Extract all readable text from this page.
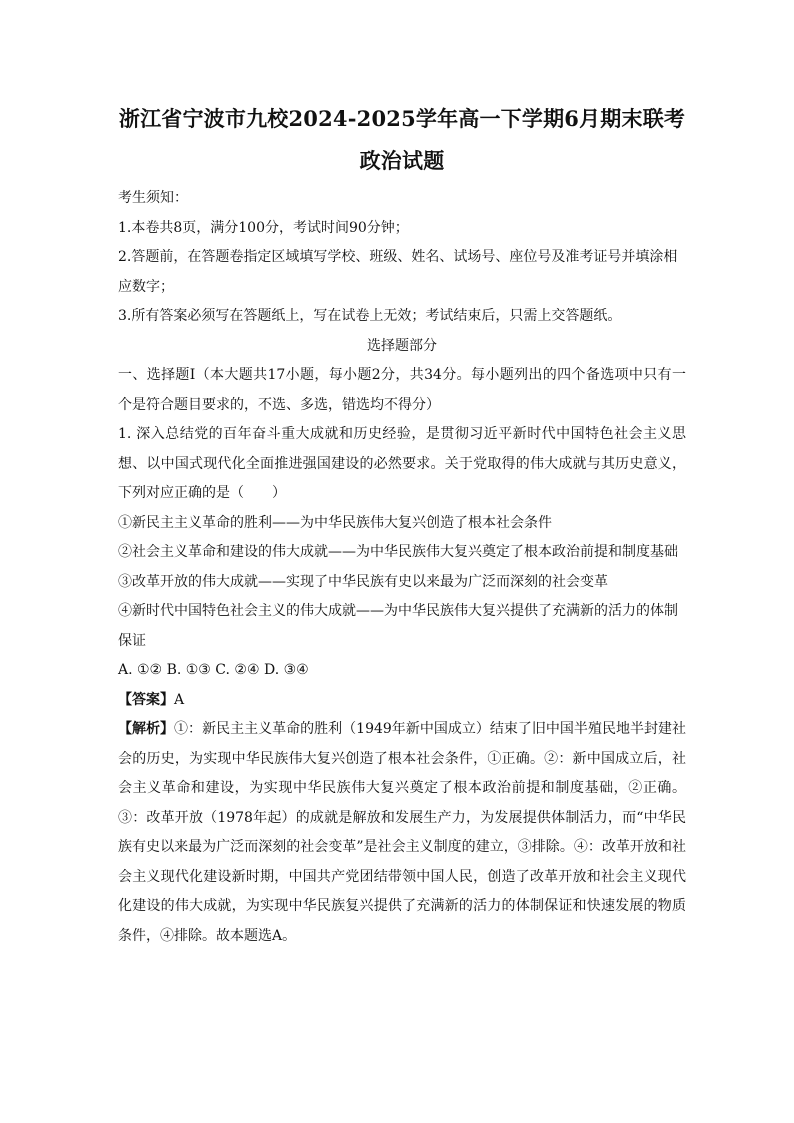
浙江省宁波市九校2024-2025学年高一下学期6月期末联考
政治试题

考生须知：

1.本卷共8页，满分100分，考试时间90分钟；

2.答题前，在答题卷指定区域填写学校、班级、姓名、试场号、座位号及准考证号并填涂相应数字；

3.所有答案必须写在答题纸上，写在试卷上无效；考试结束后，只需上交答题纸。

选择题部分

一、选择题Ⅰ（本大题共17小题，每小题2分，共34分。每小题列出的四个备选项中只有一个是符合题目要求的，不选、多选，错选均不得分）

1. 深入总结党的百年奋斗重大成就和历史经验，是贯彻习近平新时代中国特色社会主义思想、以中国式现代化全面推进强国建设的必然要求。关于党取得的伟大成就与其历史意义，下列对应正确的是（　　）

①新民主主义革命的胜利——为中华民族伟大复兴创造了根本社会条件

②社会主义革命和建设的伟大成就——为中华民族伟大复兴奠定了根本政治前提和制度基础

③改革开放的伟大成就——实现了中华民族有史以来最为广泛而深刻的社会变革

④新时代中国特色社会主义的伟大成就——为中华民族伟大复兴提供了充满新的活力的体制保证

A. ①② B. ①③ C. ②④ D. ③④

【答案】A

【解析】①：新民主主义革命的胜利（1949年新中国成立）结束了旧中国半殖民地半封建社会的历史，为实现中华民族伟大复兴创造了根本社会条件，①正确。②：新中国成立后，社会主义革命和建设，为实现中华民族伟大复兴奠定了根本政治前提和制度基础，②正确。③：改革开放（1978年起）的成就是解放和发展生产力，为发展提供体制活力，而“中华民族有史以来最为广泛而深刻的社会变革”是社会主义制度的建立，③排除。④：改革开放和社会主义现代化建设新时期，中国共产党团结带领中国人民，创造了改革开放和社会主义现代化建设的伟大成就，为实现中华民族复兴提供了充满新的活力的体制保证和快速发展的物质条件，④排除。故本题选A。
